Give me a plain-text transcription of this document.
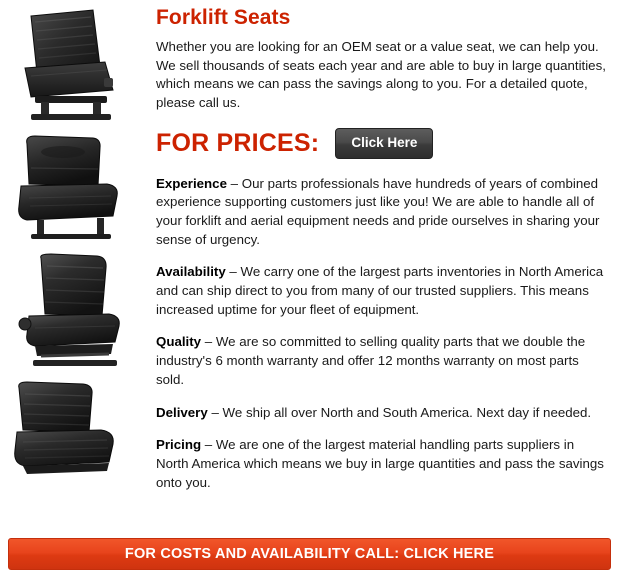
Forklift Seats

Whether you are looking for an OEM seat or a value seat, we can help you. We sell thousands of seats each year and are able to buy in large quantities, which means we can pass the savings along to you. For a detailed quote, please call us.

FOR PRICES:	Click Here

Experience – Our parts professionals have hundreds of years of combined experience supporting customers just like you! We are able to handle all of your forklift and aerial equipment needs and pride ourselves in sharing your sense of urgency.

Availability – We carry one of the largest parts inventories in North America and can ship direct to you from many of our trusted suppliers. This means increased uptime for your fleet of equipment.

Quality – We are so committed to selling quality parts that we double the industry's 6 month warranty and offer 12 months warranty on most parts sold.

Delivery – We ship all over North and South America. Next day if needed.

Pricing – We are one of the largest material handling parts suppliers in North America which means we buy in large quantities and pass the savings onto you.

FOR COSTS AND AVAILABILITY CALL: CLICK HERE
